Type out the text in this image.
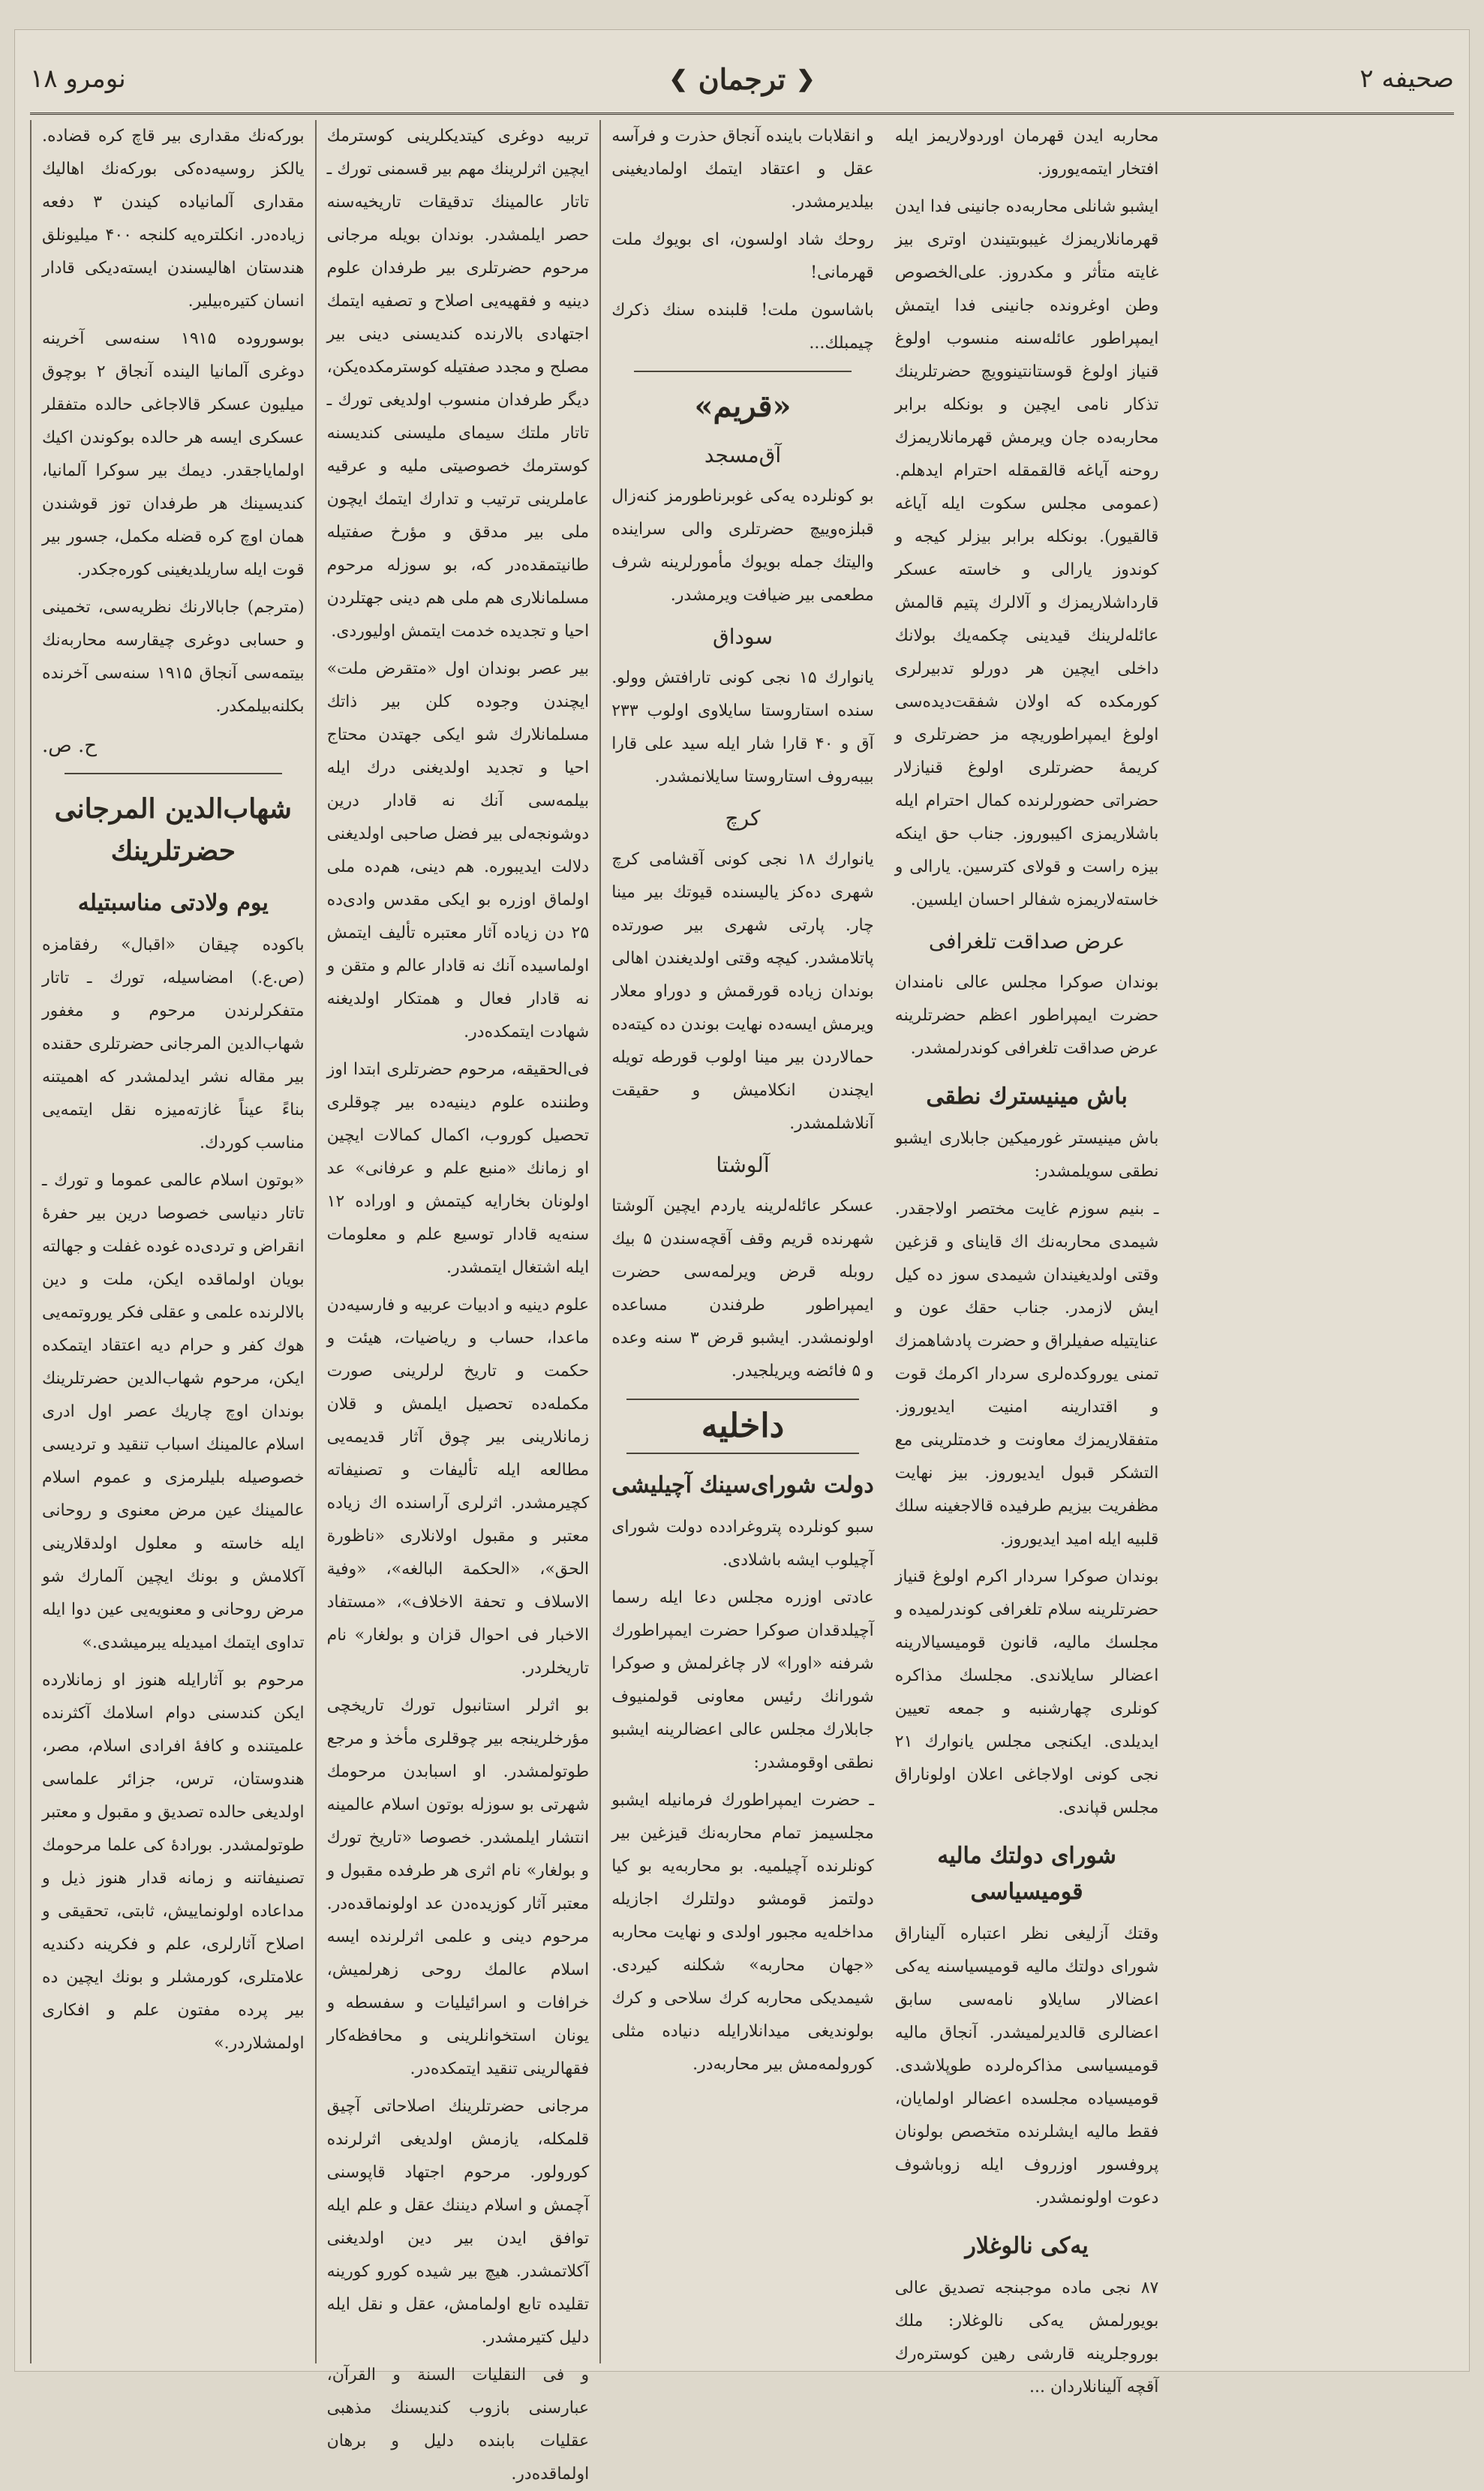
صحیفه ۲
❮
ترجمان
❯
نومرو ۱۸

بوركه‌نك مقداری بیر قاچ كره قضاده. یالكز روسیه‌ده‌كی بوركه‌نك اهالیك مقداری آلمانیاده كیندن ۳ دفعه زیاده‌در. انكلتره‌یه كلنجه ۴۰۰ میلیونلق هندستان اهالیسندن ایسته‌دیكی قادار انسان كتیره‌بیلیر.

بوسوروده ۱۹۱۵ سنه‌سی آخرینه دوغری آلمانیا الینده آنجاق ۲ بوچوق میلیون عسكر قالاجاغی حالده متفقلر عسكری ایسه هر حالده بوكوندن اكیك اولمایاجقدر. دیمك بیر سوكرا آلمانیا، كندیسینك هر طرفدان توز قوشندن همان اوچ كره قضله مكمل، جسور بیر قوت ایله ساریلدیغینی كوره‌جكدر.

(مترجم) جابالارنك نظریه‌سی، تخمینی و حسابی دوغری چیقارسه محاربه‌نك بیتمه‌سی آنجاق ۱۹۱۵ سنه‌سی آخرنده بكلنه‌بیلمكدر.

ح. ص.
شهاب‌الدین المرجانی حضرتلرینك
یوم ولادتی مناسبتیله

باكوده چیقان «اقبال» رفقامزه (ص.ع.) امضاسیله، تورك ـ تاتار متفكرلرندن مرحوم و مغفور شهاب‌الدین المرجانی حضرتلری حقنده بیر مقاله نشر ایدلمشدر كه اهمیتنه بناءً عیناً غازته‌میزه نقل ایتمه‌یی مناسب كوردك.

«بوتون اسلام عالمی عموما و تورك ـ تاتار دنیاسی خصوصا درین بیر حفرهٔ انقراض و تردی‌ده غوده غفلت و جهالته بویان اولماقده ایكن، ملت و دین بالالرنده علمی و عقلی فكر یوروتمه‌یی هوك كفر و حرام دیه اعتقاد ایتمكده ایكن، مرحوم شهاب‌الدین حضرتلرینك بوندان اوچ چاریك عصر اول ادری اسلام عالمینك اسباب تنقید و ترديسی خصوصیله بلیلرمزی و عموم اسلام عالمینك عین مرض معنوی و روحانی ایله خاسته و معلول اولدقلارینی آكلامش و بونك ایچین آلمارك شو مرض روحانی و معنویه‌یی عین دوا ایله تداوی ایتمك امیدیله یبرمیشدی.»

مرحوم بو آثارایله هنوز او زمانلارده ایكن كندسنی دوام اسلامك آكثرنده علمیتنده و كافهٔ افرادی اسلام، مصر، هندوستان، ترس، جزائر علماسی اولدیغی حالده تصدیق و مقبول و معتبر طوتولمشدر. بورادهٔ كی علما مرحومك تصنیفاتنه و زمانه قدار هنوز ذیل و مداعاده اولونماییش، ثابتی، تحقیقی و اصلاح آثارلری، علم و فكرینه دكندیه علامتلری، كورمشلر و بونك ایچین ده بیر پرده مفتون علم و افكاری اولمشلاردر.»

تربیه دوغری كیتدیكلرینی كوسترمك ایچین اثرلرینك مهم بیر قسمنی تورك ـ تاتار عالمینك تدقیقات تاریخیه‌سنه حصر ایلمشدر. بوندان بویله مرجانی مرحوم حضرتلری بیر طرفدان علوم دینیه و فقهیه‌یی اصلاح و تصفیه ایتمك اجتهادی بالارنده كندیسنی دینی بیر مصلح و مجدد صفتیله كوسترمكده‌یكن، دیگر طرفدان منسوب اولدیغی تورك ـ تاتار ملتك سیمای ملیسنی كندیسنه كوسترمك خصوصیتی ملیه و عرقیه عاملرینی ترتیب و تدارك ایتمك ایچون ملی بیر مدقق و مؤرخ صفتیله طانیتمقده‌در كه، بو سوزله مرحوم مسلمانلاری هم ملی هم دینی جهتلردن احیا و تجدیده خدمت ایتمش اولیوردی.

بیر عصر بوندان اول «متقرض ملت» ایچندن وجوده كلن بیر ذاتك مسلمانلارك شو ایكی جهتدن محتاج احیا و تجدید اولدیغنی درك ایله بیلمه‌سی آنك نه قادار درین دوشونجه‌لی بیر فضل صاحبی اولدیغنی دلالت ایدیبوره. هم دینی، هم‌ده ملی اولماق اوزره بو ایكی مقدس وادی‌ده ۲۵ دن زیاده آثار معتبره تألیف ایتمش اولماسیده آنك نه قادار عالم و متقن و نه قادار فعال و همتكار اولدیغنه شهادت ایتمكده‌در.

فی‌الحقیقه، مرحوم حضرتلری ابتدا اوز وطننده علوم دینیه‌ده بیر چوقلری تحصیل كوروب، اكمال كمالات ایچین او زمانك «منبع علم و عرفانی» عد اولونان بخارایه كیتمش و اوراده ۱۲ سنه‌یه قادار توسیع علم و معلومات ایله اشتغال ایتمشدر.

علوم دینیه و ادبیات عربیه و فارسیه‌دن ماعدا، حساب و ریاضیات، هیئت و حكمت و تاریخ لرلرینی صورت مكمله‌ده تحصیل ایلمش و قلان زمانلارینی بیر چوق آثار قدیمه‌یی مطالعه ایله تألیفات و تصنیفاته كچیرمشدر. اثرلری آراسنده اك زیاده معتبر و مقبول اولانلاری «ناظورة الحق»، «الحكمة البالغه»، «وفية الاسلاف و تحفة الاخلاف»، «مستفاد الاخبار فی احوال قزان و بولغار» نام تاریخلردر.

بو اثرلر استانبول تورك تاریخچی مؤرخلرینجه بیر چوقلری مأخذ و مرجع طوتولمشدر. او اسبابدن مرحومك شهرتی بو سوزله بوتون اسلام عالمینه انتشار ایلمشدر. خصوصا «تاریخ تورك و بولغار» نام اثری هر طرفده مقبول و معتبر آثار كوزیده‌دن عد اولونماقده‌در. مرحوم دینی و علمی اثرلرنده ایسه اسلام عالمك روحی زهرلمیش، خرافات و اسرائیلیات و سفسطه و یونان استخوانلرینی و محافظه‌كار فقهالرینی تنقید ایتمكده‌در.

مرجانی حضرتلرینك اصلاحاتی آچیق قلمكله، یازمش اولدیغی اثرلرنده كورولور. مرحوم اجتهاد قاپوسنی آچمش و اسلام دیننك عقل و علم ایله توافق ایدن بیر دین اولدیغنی آكلاتمشدر. هیچ بیر شیده كورو كورینه تقلیده تابع اولمامش، عقل و نقل ایله دلیل كتیرمشدر.

و فی النقلیات السنة و القرآن، عبارسنی بازوب كندیسنك مذهبی عقلیات بابنده دلیل و برهان اولماقده‌در.

و انقلابات باینده آنجاق حذرت و فرآسه عقل و اعتقاد ایتمك اولمادیغینی بیلدیرمشدر.

روحك شاد اولسون، ای بویوك ملت قهرمانی!

باشاسون ملت! قلبنده سنك ذكرك چیمبلك...

«قریم»
آق‌مسجد

بو كونلرده یه‌كی غوبرناطورمز كنه‌زال قبلزه‌وییچ حضرتلری والی سراینده والیتك جمله بویوك مأمورلرینه شرف مطعمی بیر ضیافت ویرمشدر.

سوداق

یانوارك ۱۵ نجی كونی تارافتش وولو. سنده استاروستا سایلاوی اولوب ۲۳۳ آق و ۴۰ قارا شار ایله سید علی قارا بیبه‌روف استاروستا سایلانمشدر.

كرچ

یانوارك ۱۸ نجی كونی آقشامی كرچ شهری ده‌كز یالیسنده قیوتك بیر مینا چار. پارتی شهری بیر صورتده پاتلامشدر. كیچه وقتی اولدیغندن اهالی بوندان زیاده قورقمش و دوراو معلار ویرمش ایسه‌ده نهایت بوندن ده كیته‌ده حمالاردن بیر مینا اولوب قورطه تویله ایچندن انكلامیش و حقیقت آنلاشلمشدر.

آلوشتا

عسكر عائله‌لرینه یاردم ایچین آلوشتا شهرنده قریم وقف آقچه‌سندن ۵ بیك روبله قرض ویرلمه‌سی حضرت ایمپراطور طرفندن مساعده اولونمشدر. ایشبو قرض ۳ سنه وعده و ۵ فائضه ویریلجیدر.

داخلیه
دولت شورای‌سینك آچیلیشی

سبو كونلرده پتروغرادده دولت شورای آچیلوب ایشه باشلادی.

عادتی اوزره مجلس دعا ایله رسما آچیلدقدان صوكرا حضرت ایمپراطورك شرفنه «اورا» لار چاغرلمش و صوكرا شورانك رئیس معاونی قولمنیوف جابلارك مجلس عالی اعضالرینه ایشبو نطقی اوقومشدر:

ـ حضرت ایمپراطورك فرمانیله ایشبو مجلسیمز تمام محاربه‌نك قیزغین بیر كونلرنده آچیلمیه. بو محاربه‌یه بو كیا دولتمز قومشو دولتلرك اجازیله مداخله‌یه مجبور اولدی و نهایت محاربه «جهان محاربه» شكلنه كیردی. شیمدیكی محاربه كرك سلاحی و كرك بولوندیغی میدانلارایله دنیاده مثلی كورولمه‌مش بیر محاربه‌در.

محاربه ایدن قهرمان اوردولاریمز ایله افتخار ایتمه‌یوروز.

ایشبو شانلی محاربه‌ده جانینی فدا ایدن قهرمانلاریمزك غیبوبتیندن اوتری بیز غایته متأثر و مكدروز. علی‌الخصوص وطن اوغرونده جانینی فدا ایتمش ایمپراطور عائله‌سنه منسوب اولوغ قنیاز اولوغ قوستانتینوویچ حضرتلرینك تذكار نامی ایچین و بونكله برابر محاربه‌ده جان ویرمش قهرمانلاریمزك روحنه آیاغه قالقمقله احترام ایدهلم. (عمومی مجلس سكوت ایله آیاغه قالقیور). بونكله برابر بیزلر كیجه و كوندوز یارالی و خاسته عسكر قارداشلاریمزك و آلالرك پتیم قالمش عائله‌لرینك قیدینی چكمه‌یك بولانك داخلی ایچین هر دورلو تدبیرلری كورمكده كه اولان شفقت‌دیده‌سی اولوغ ایمپراطوریچه مز حضرتلری و كریمهٔ حضرتلری اولوغ قنیازلار حضراتی حضورلرنده كمال احترام ایله باشلاریمزی اكیبوروز. جناب حق اینكه بیزه راست و قولای كترسین. یارالی و خاسته‌لاریمزه شفالر احسان ایلسین.

عرض صداقت تلغرافی

بوندان صوكرا مجلس عالی نامندان حضرت ایمپراطور اعظم حضرتلرینه عرض صداقت تلغرافی كوندرلمشدر.

باش مینیسترك نطقی

باش مینیستر غورمیكین جابلاری ایشبو نطقی سویلمشدر:

ـ بنیم سوزم غایت مختصر اولاجقدر. شیمدی محاربه‌نك اك قاینای و قزغین وقتی اولدیغیندان شیمدی سوز ده كیل ایش لازمدر. جناب حقك عون و عنایتیله صفیلراق و حضرت پادشاهمزك تمنی یوروكده‌لری سردار اكرمك قوت و اقتدارینه امنیت ایدیوروز. متفقلاریمزك معاونت و خدمتلرینی مع التشكر قبول ایدیوروز. بیز نهایت مظفریت بیزیم طرفیده قالاجغینه سلك قلبیه ایله امید ایدیوروز.

بوندان صوكرا سردار اكرم اولوغ قنیاز حضرتلرینه سلام تلغرافی كوندرلمیده و مجلسك مالیه، قانون قومیسیالارینه اعضالر سایلاندی. مجلسك مذاكره كونلری چهارشنبه و جمعه تعیین ایدیلدی. ایكنجی مجلس یانوارك ۲۱ نجی كونی اولاجاغی اعلان اولوناراق مجلس قپاندی.

شورای دولتك مالیه قومیسیاسی

وقتك آزلیغی نظر اعتباره آلیناراق شورای دولتك مالیه قومیسیاسنه یه‌كی اعضالار سایلاو نامه‌سی سابق اعضالری قالدیرلمیشدر. آنجاق مالیه قومیسیاسی مذاكره‌لرده طوپلاشدی. قومیسیاده مجلسده اعضالر اولمایان، فقط مالیه ایشلرنده متخصص بولونان پروفسور اوزروف ایله زوباشوف دعوت اولونمشدر.

یه‌كی نالوغلار

۸۷ نجی ماده موجبنجه تصدیق عالی بویورلمش یه‌كی نالوغلار: ملك بوروجلرینه قارشی رهین كوستره‌رك آقچه آلینانلاردان ...
